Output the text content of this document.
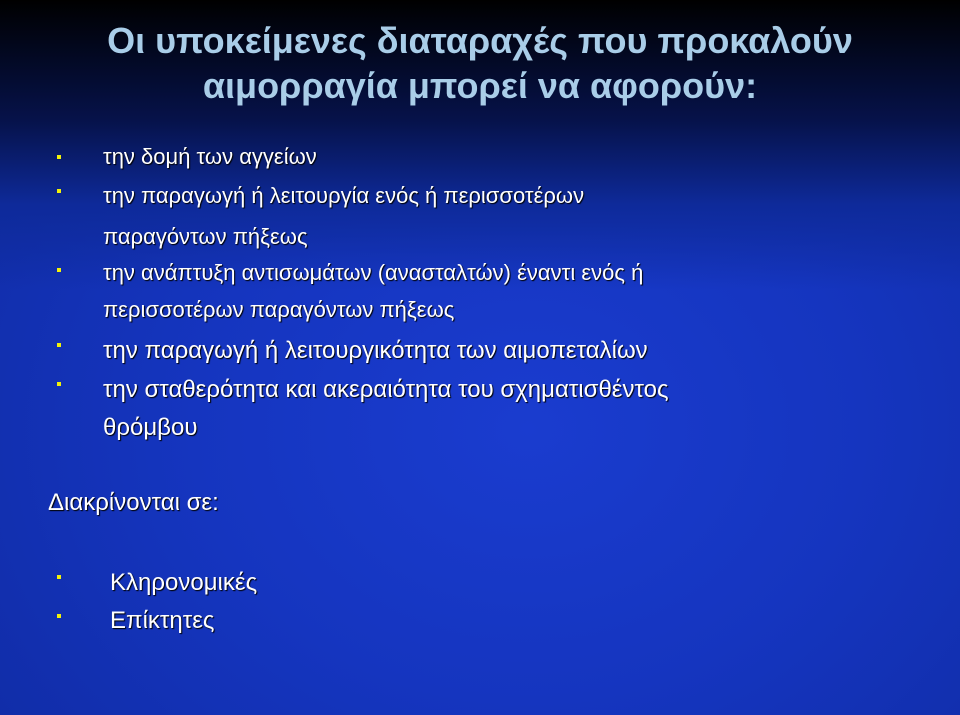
Οι υποκείμενες διαταραχές που προκαλούν
αιμορραγία μπορεί να αφορούν:
την δομή των αγγείων
την παραγωγή ή λειτουργία ενός ή περισσοτέρων
παραγόντων πήξεως
την ανάπτυξη αντισωμάτων (ανασταλτών) έναντι ενός ή
περισσοτέρων παραγόντων πήξεως
την παραγωγή ή λειτουργικότητα των αιμοπεταλίων
την σταθερότητα και ακεραιότητα του σχηματισθέντος
θρόμβου
Διακρίνονται σε:
Κληρονομικές
Επίκτητες
